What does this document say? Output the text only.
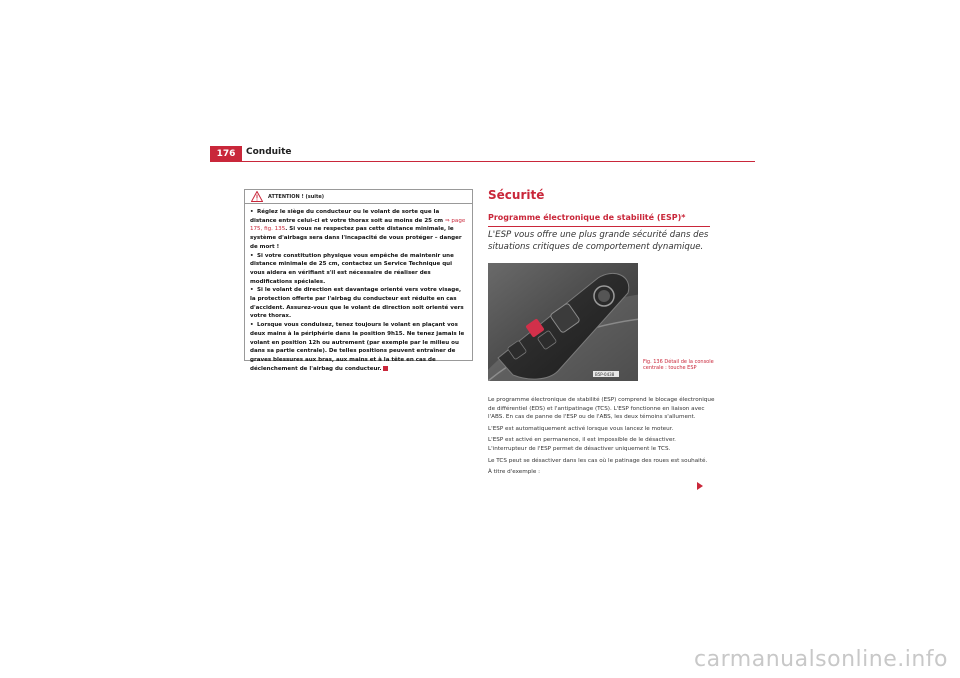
176	Conduite
ATTENTION ! (suite)

• Réglez le siège du conducteur ou le volant de sorte que la distance entre celui-ci et votre thorax soit au moins de 25 cm ⇒ page 175, fig. 135. Si vous ne respectez pas cette distance minimale, le système d'airbags sera dans l'incapacité de vous protéger – danger de mort !

• Si votre constitution physique vous empêche de maintenir une distance minimale de 25 cm, contactez un Service Technique qui vous aidera en vérifiant s'il est nécessaire de réaliser des modifications spéciales.

• Si le volant de direction est davantage orienté vers votre visage, la protection offerte par l'airbag du conducteur est réduite en cas d'accident. Assurez-vous que le volant de direction soit orienté vers votre thorax.

• Lorsque vous conduisez, tenez toujours le volant en plaçant vos deux mains à la périphérie dans la position 9h15. Ne tenez jamais le volant en position 12h ou autrement (par exemple par le milieu ou dans sa partie centrale). De telles positions peuvent entraîner de graves blessures aux bras, aux mains et à la tête en cas de déclenchement de l'airbag du conducteur.

Sécurité
Programme électronique de stabilité (ESP)*
L'ESP vous offre une plus grande sécurité dans des situations critiques de comportement dynamique.
B5P-0438
Fig. 136 Détail de la console centrale : touche ESP

Le programme électronique de stabilité (ESP) comprend le blocage électronique de différentiel (EDS) et l'antipatinage (TCS). L'ESP fonctionne en liaison avec l'ABS. En cas de panne de l'ESP ou de l'ABS, les deux témoins s'allument.

L'ESP est automatiquement activé lorsque vous lancez le moteur.

L'ESP est activé en permanence, il est impossible de le désactiver. L'interrupteur de l'ESP permet de désactiver uniquement le TCS.

Le TCS peut se désactiver dans les cas où le patinage des roues est souhaité.

À titre d'exemple :

carmanualsonline.info
